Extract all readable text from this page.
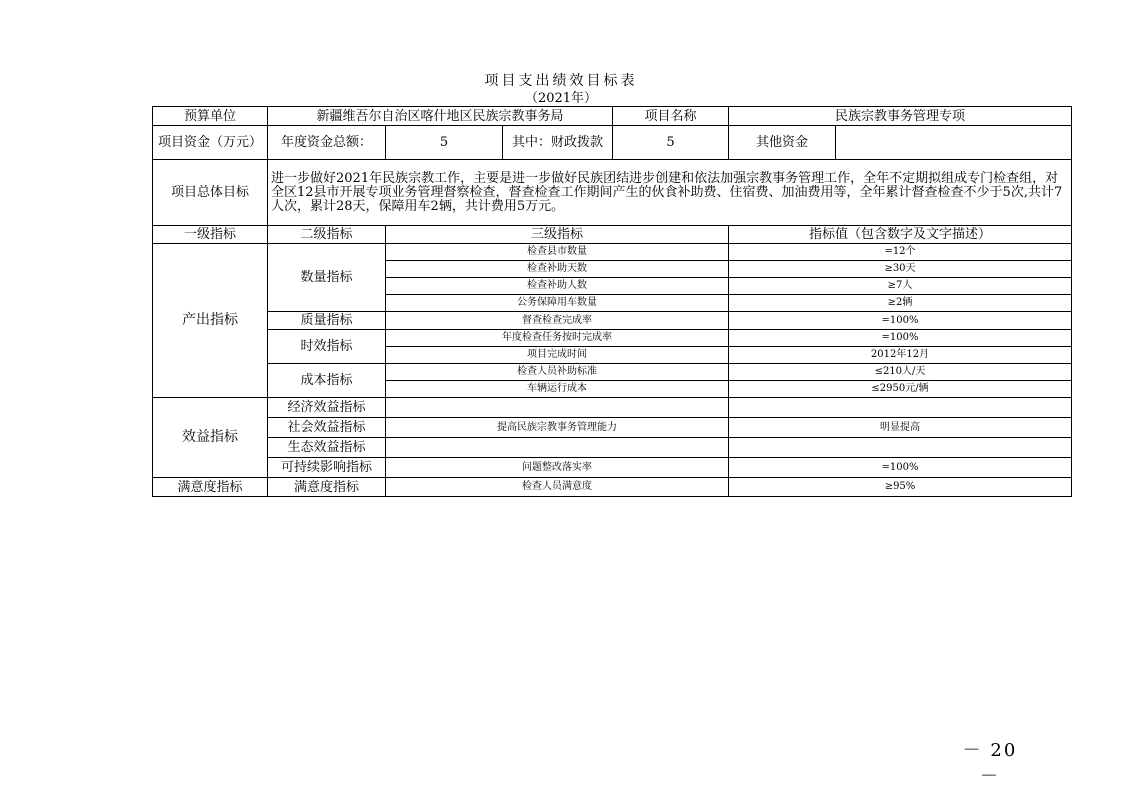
项目支出绩效目标表
（2021年）
预算单位	新疆维吾尔自治区喀什地区民族宗教事务局			项目名称	民族宗教事务管理专项	
项目资金（万元）	年度资金总额：	5	其中：财政拨款	5	其他资金	
项目总体目标	进一步做好2021年民族宗教工作，主要是进一步做好民族团结进步创建和依法加强宗教事务管理工作，全年不定期拟组成专门检查组，对全区12县市开展专项业务管理督察检查，督查检查工作期间产生的伙食补助费、住宿费、加油费用等，全年累计督查检查不少于5次,共计7人次，累计28天，保障用车2辆，共计费用5万元。					
一级指标	二级指标	三级指标			指标值（包含数字及文字描述）	
产出指标	数量指标	检查县市数量			=12个	
		检查补助天数			≥30天	
		检查补助人数			≥7人	
		公务保障用车数量			≥2辆	
	质量指标	督查检查完成率			=100%	
	时效指标	年度检查任务按时完成率			=100%	
		项目完成时间			2012年12月	
	成本指标	检查人员补助标准			≤210人/天	
		车辆运行成本			≤2950元/辆	
效益指标	经济效益指标					
	社会效益指标	提高民族宗教事务管理能力			明显提高	
	生态效益指标					
	可持续影响指标	问题整改落实率			=100%	
满意度指标	满意度指标	检查人员满意度			≥95%	
－ 20 －
